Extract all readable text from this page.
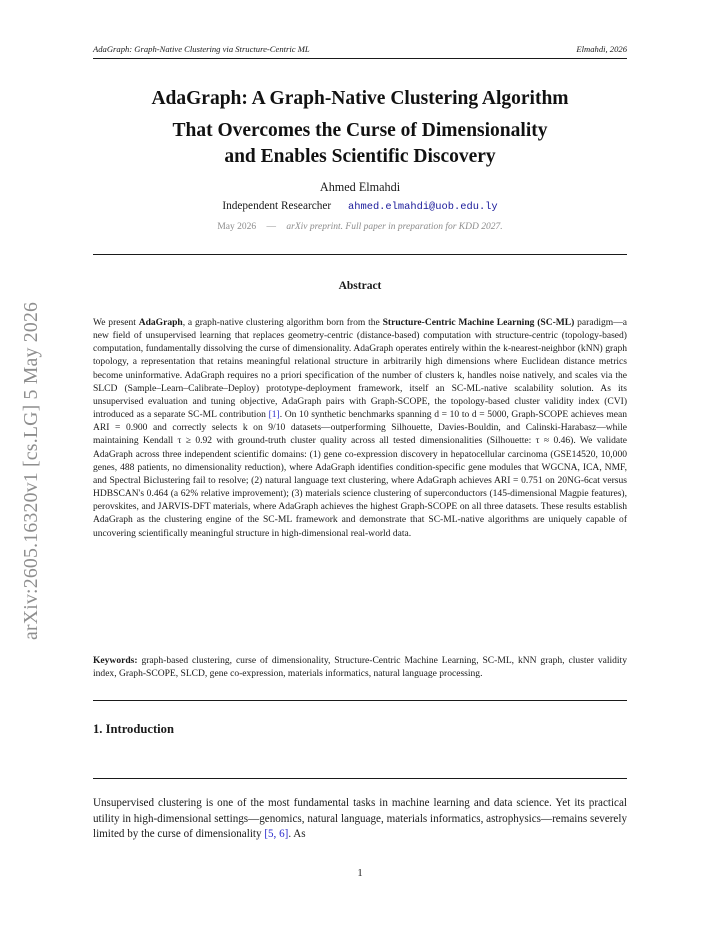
arXiv:2605.16320v1 [cs.LG] 5 May 2026
AdaGraph: Graph-Native Clustering via Structure-Centric ML	Elmahdi, 2026
AdaGraph: A Graph-Native Clustering Algorithm
That Overcomes the Curse of Dimensionality
and Enables Scientific Discovery
Ahmed Elmahdi
Independent Researcher ahmed.elmahdi@uob.edu.ly
May 2026 — arXiv preprint. Full paper in preparation for KDD 2027.
Abstract
We present AdaGraph, a graph-native clustering algorithm born from the Structure-Centric Machine Learning (SC-ML) paradigm—a new field of unsupervised learning that replaces geometry-centric (distance-based) computation with structure-centric (topology-based) computation, fundamentally dissolving the curse of dimensionality. AdaGraph operates entirely within the k-nearest-neighbor (kNN) graph topology, a representation that retains meaningful relational structure in arbitrarily high dimensions where Euclidean distance metrics become uninformative. AdaGraph requires no a priori specification of the number of clusters k, handles noise natively, and scales via the SLCD (Sample–Learn–Calibrate–Deploy) prototype-deployment framework, itself an SC-ML-native scalability solution. As its unsupervised evaluation and tuning objective, AdaGraph pairs with Graph-SCOPE, the topology-based cluster validity index (CVI) introduced as a separate SC-ML contribution [1]. On 10 synthetic benchmarks spanning d = 10 to d = 5000, Graph-SCOPE achieves mean ARI = 0.900 and correctly selects k on 9/10 datasets—outperforming Silhouette, Davies-Bouldin, and Calinski-Harabasz—while maintaining Kendall τ ≥ 0.92 with ground-truth cluster quality across all tested dimensionalities (Silhouette: τ ≈ 0.46). We validate AdaGraph across three independent scientific domains: (1) gene co-expression discovery in hepatocellular carcinoma (GSE14520, 10,000 genes, 488 patients, no dimensionality reduction), where AdaGraph identifies condition-specific gene modules that WGCNA, ICA, NMF, and Spectral Biclustering fail to resolve; (2) natural language text clustering, where AdaGraph achieves ARI = 0.751 on 20NG-6cat versus HDBSCAN's 0.464 (a 62% relative improvement); (3) materials science clustering of superconductors (145-dimensional Magpie features), perovskites, and JARVIS-DFT materials, where AdaGraph achieves the highest Graph-SCOPE on all three datasets. These results establish AdaGraph as the clustering engine of the SC-ML framework and demonstrate that SC-ML-native algorithms are uniquely capable of uncovering scientifically meaningful structure in high-dimensional real-world data.
Keywords: graph-based clustering, curse of dimensionality, Structure-Centric Machine Learning, SC-ML, kNN graph, cluster validity index, Graph-SCOPE, SLCD, gene co-expression, materials informatics, natural language processing.
1. Introduction
Unsupervised clustering is one of the most fundamental tasks in machine learning and data science. Yet its practical utility in high-dimensional settings—genomics, natural language, materials informatics, astrophysics—remains severely limited by the curse of dimensionality [5, 6]. As
1
